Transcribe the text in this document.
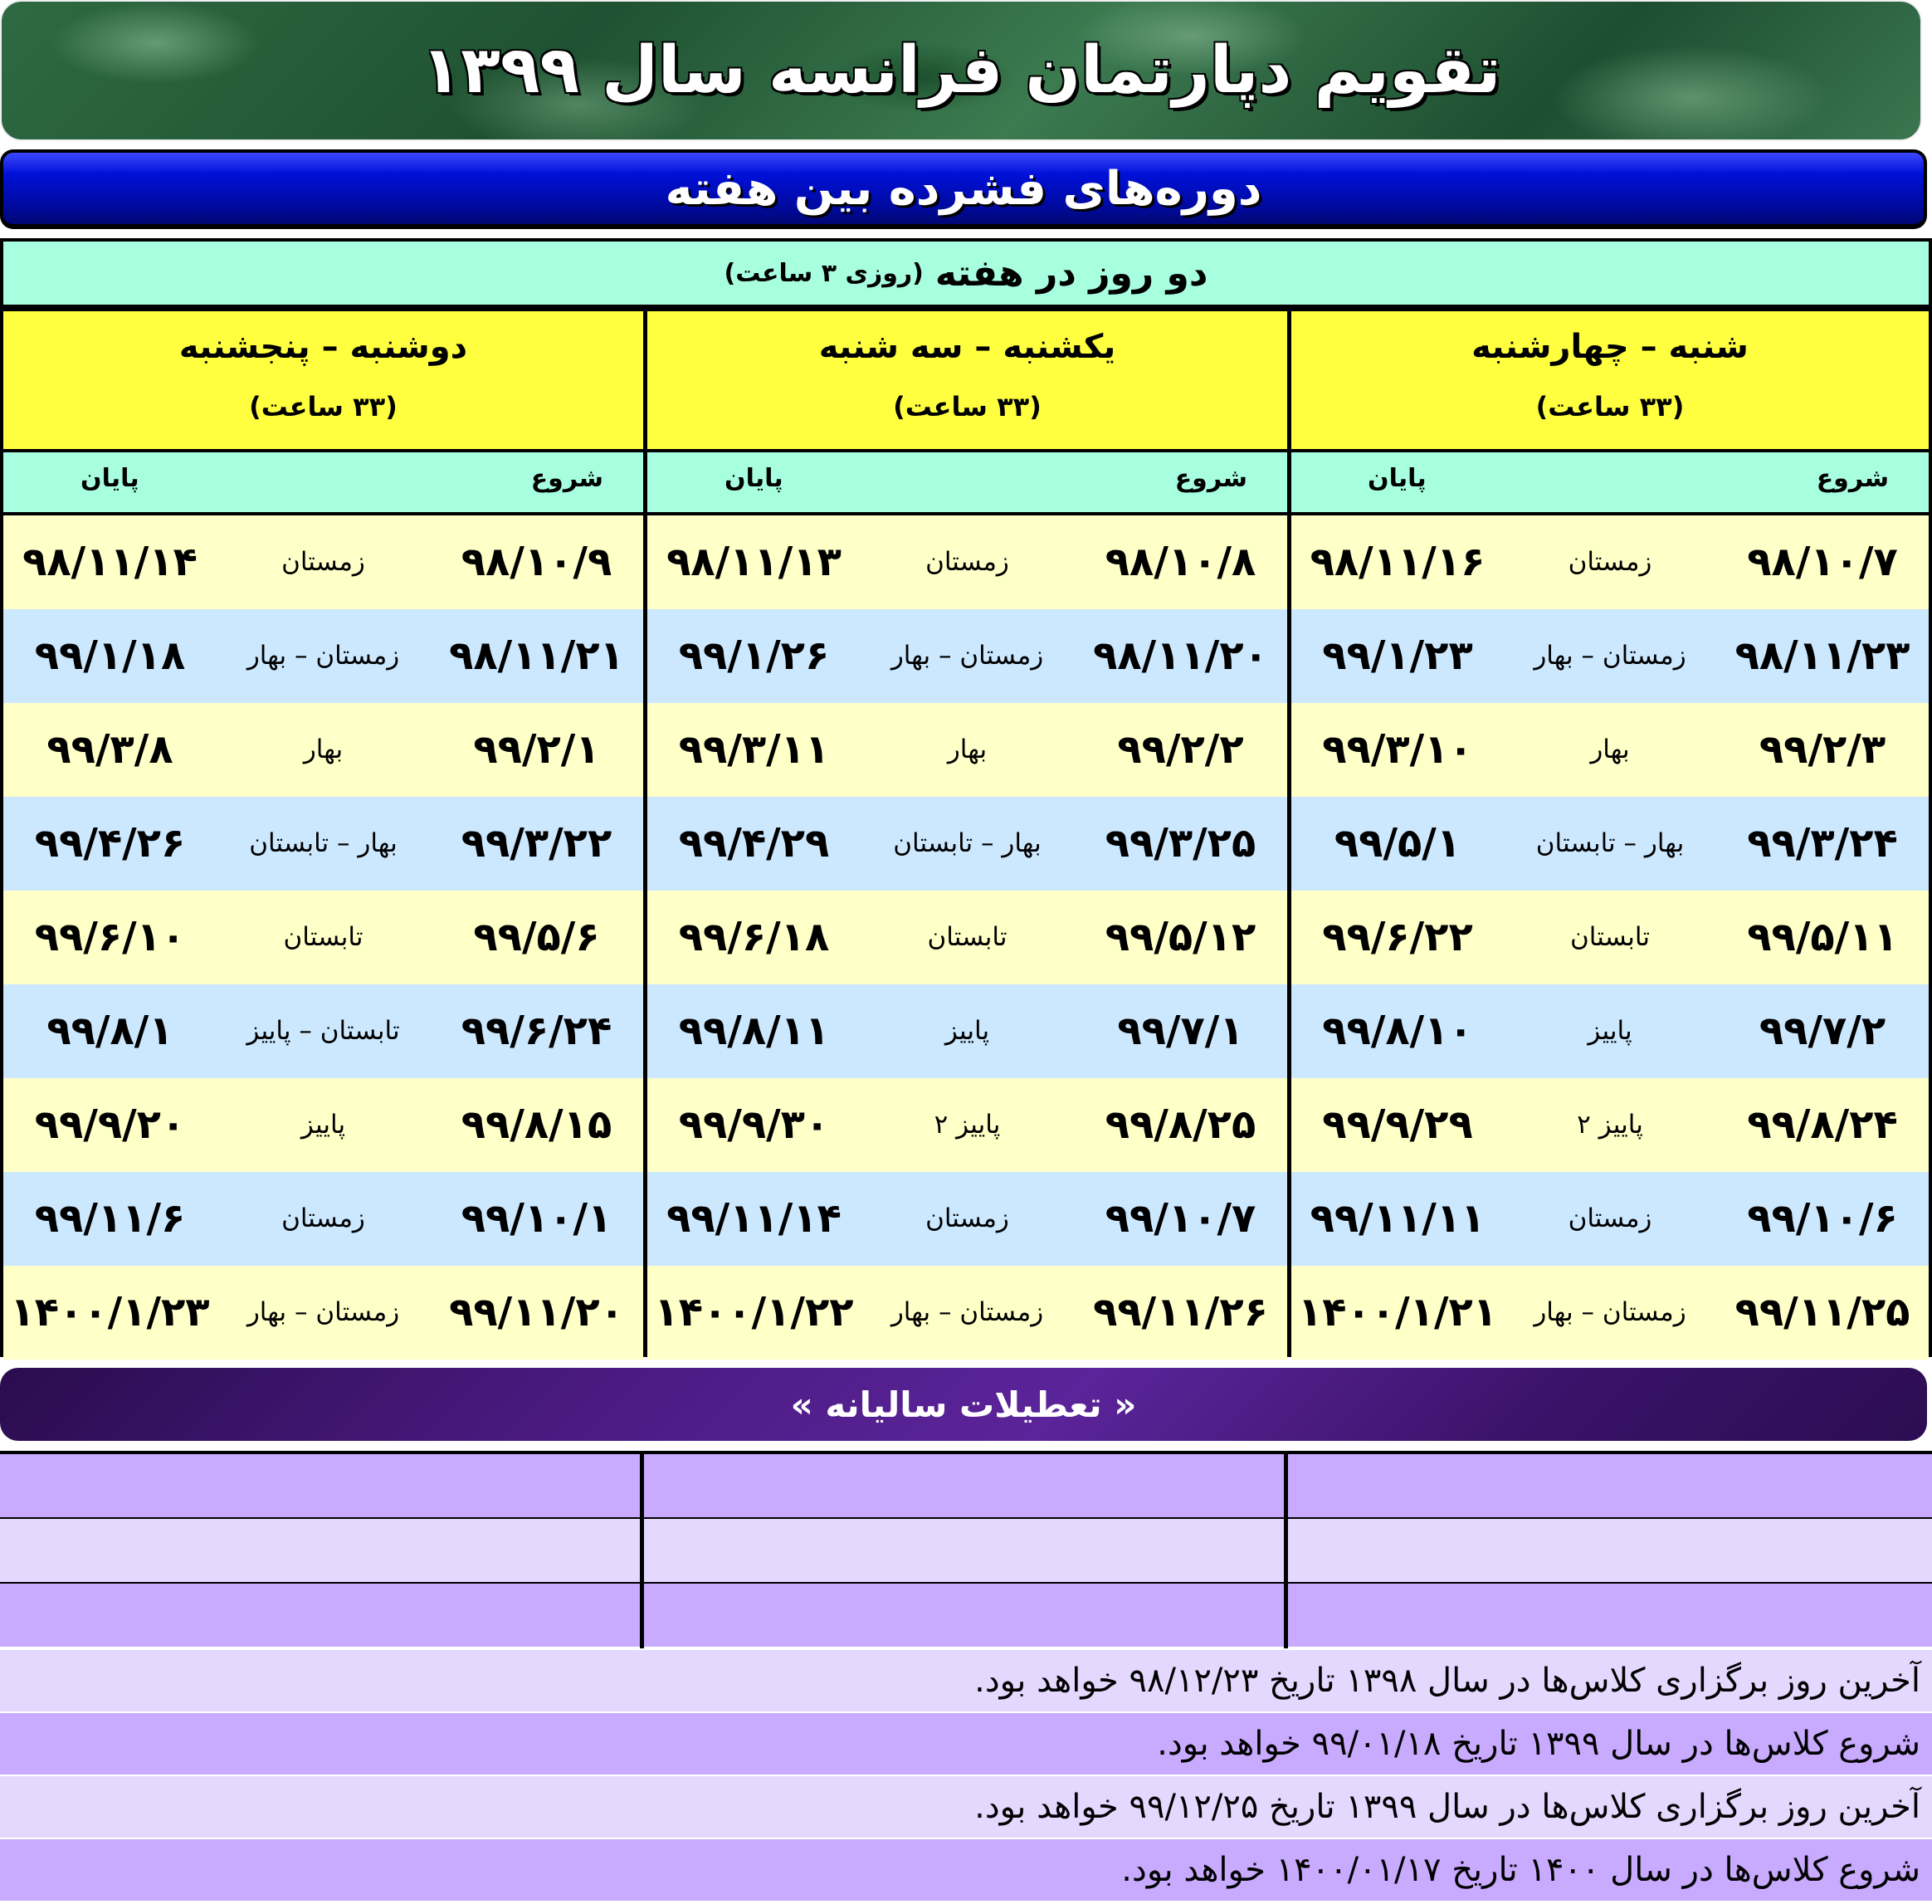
تقویم دپارتمان فرانسه سال ۱۳۹۹
دوره‌های فشرده بین هفته
دو روز در هفته
(روزی ۳ ساعت)
شنبه – چهارشنبه
(۳۳ ساعت)
شروع
پایان
۹۸/۱۰/۷
زمستان
۹۸/۱۱/۱۶
۹۸/۱۱/۲۳
زمستان – بهار
۹۹/۱/۲۳
۹۹/۲/۳
بهار
۹۹/۳/۱۰
۹۹/۳/۲۴
بهار – تابستان
۹۹/۵/۱
۹۹/۵/۱۱
تابستان
۹۹/۶/۲۲
۹۹/۷/۲
پاییز
۹۹/۸/۱۰
۹۹/۸/۲۴
پاییز ۲
۹۹/۹/۲۹
۹۹/۱۰/۶
زمستان
۹۹/۱۱/۱۱
۹۹/۱۱/۲۵
زمستان – بهار
۱۴۰۰/۱/۲۱
یکشنبه – سه شنبه
(۳۳ ساعت)
شروع
پایان
۹۸/۱۰/۸
زمستان
۹۸/۱۱/۱۳
۹۸/۱۱/۲۰
زمستان – بهار
۹۹/۱/۲۶
۹۹/۲/۲
بهار
۹۹/۳/۱۱
۹۹/۳/۲۵
بهار – تابستان
۹۹/۴/۲۹
۹۹/۵/۱۲
تابستان
۹۹/۶/۱۸
۹۹/۷/۱
پاییز
۹۹/۸/۱۱
۹۹/۸/۲۵
پاییز ۲
۹۹/۹/۳۰
۹۹/۱۰/۷
زمستان
۹۹/۱۱/۱۴
۹۹/۱۱/۲۶
زمستان – بهار
۱۴۰۰/۱/۲۲
دوشنبه – پنجشنبه
(۳۳ ساعت)
شروع
پایان
۹۸/۱۰/۹
زمستان
۹۸/۱۱/۱۴
۹۸/۱۱/۲۱
زمستان – بهار
۹۹/۱/۱۸
۹۹/۲/۱
بهار
۹۹/۳/۸
۹۹/۳/۲۲
بهار – تابستان
۹۹/۴/۲۶
۹۹/۵/۶
تابستان
۹۹/۶/۱۰
۹۹/۶/۲۴
تابستان – پاییز
۹۹/۸/۱
۹۹/۸/۱۵
پاییز
۹۹/۹/۲۰
۹۹/۱۰/۱
زمستان
۹۹/۱۱/۶
۹۹/۱۱/۲۰
زمستان – بهار
۱۴۰۰/۱/۲۳
« تعطیلات سالیانه »
آخرین روز برگزاری کلاس‌ها در سال ۱۳۹۸ تاریخ ۹۸/۱۲/۲۳ خواهد بود.
شروع کلاس‌ها در سال ۱۳۹۹ تاریخ ۹۹/۰۱/۱۸ خواهد بود.
آخرین روز برگزاری کلاس‌ها در سال ۱۳۹۹ تاریخ ۹۹/۱۲/۲۵ خواهد بود.
شروع کلاس‌ها در سال ۱۴۰۰ تاریخ ۱۴۰۰/۰۱/۱۷ خواهد بود.
